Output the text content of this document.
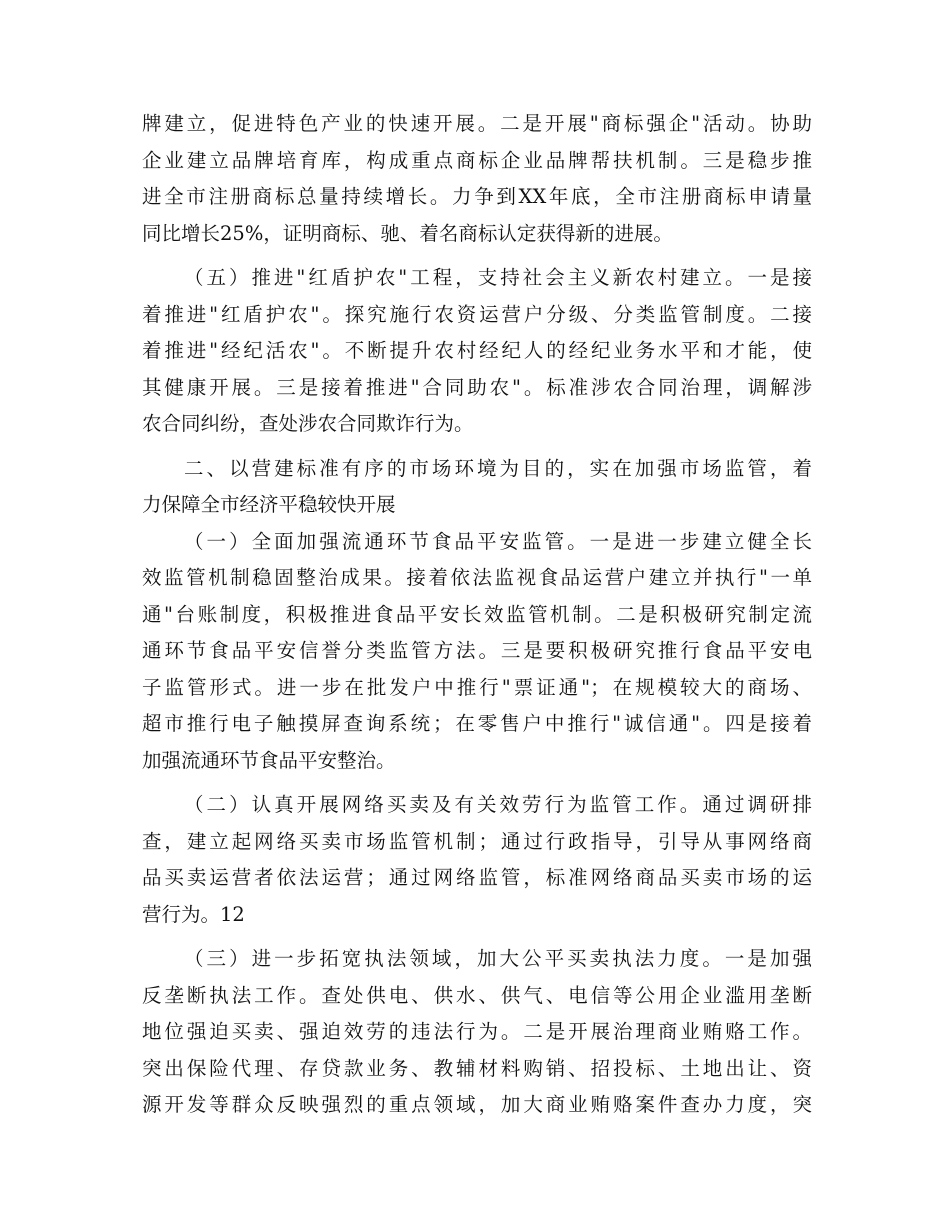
牌建立，促进特色产业的快速开展。二是开展"商标强企"活动。协助
企业建立品牌培育库，构成重点商标企业品牌帮扶机制。三是稳步推
进全市注册商标总量持续增长。力争到XX年底，全市注册商标申请量
同比增长25%，证明商标、驰、着名商标认定获得新的进展。
（五）推进"红盾护农"工程，支持社会主义新农村建立。一是接
着推进"红盾护农"。探究施行农资运营户分级、分类监管制度。二接
着推进"经纪活农"。不断提升农村经纪人的经纪业务水平和才能，使
其健康开展。三是接着推进"合同助农"。标准涉农合同治理，调解涉
农合同纠纷，查处涉农合同欺诈行为。
二、以营建标准有序的市场环境为目的，实在加强市场监管，着
力保障全市经济平稳较快开展
（一）全面加强流通环节食品平安监管。一是进一步建立健全长
效监管机制稳固整治成果。接着依法监视食品运营户建立并执行"一单
通"台账制度，积极推进食品平安长效监管机制。二是积极研究制定流
通环节食品平安信誉分类监管方法。三是要积极研究推行食品平安电
子监管形式。进一步在批发户中推行"票证通"；在规模较大的商场、
超市推行电子触摸屏查询系统；在零售户中推行"诚信通"。四是接着
加强流通环节食品平安整治。
（二）认真开展网络买卖及有关效劳行为监管工作。通过调研排
查，建立起网络买卖市场监管机制；通过行政指导，引导从事网络商
品买卖运营者依法运营；通过网络监管，标准网络商品买卖市场的运
营行为。12
（三）进一步拓宽执法领域，加大公平买卖执法力度。一是加强
反垄断执法工作。查处供电、供水、供气、电信等公用企业滥用垄断
地位强迫买卖、强迫效劳的违法行为。二是开展治理商业贿赂工作。
突出保险代理、存贷款业务、教辅材料购销、招投标、土地出让、资
源开发等群众反映强烈的重点领域，加大商业贿赂案件查办力度，突
